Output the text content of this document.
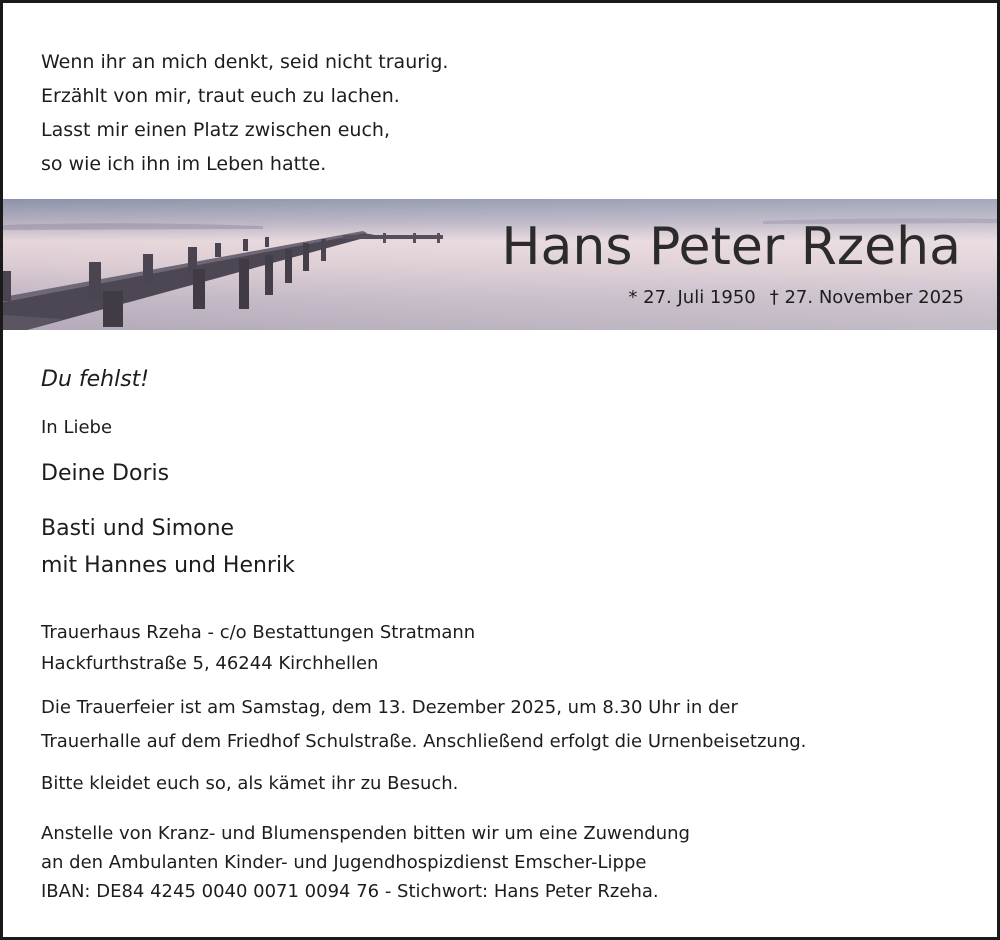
Wenn ihr an mich denkt, seid nicht traurig.
Erzählt von mir, traut euch zu lachen.
Lasst mir einen Platz zwischen euch,
so wie ich ihn im Leben hatte.
Hans Peter Rzeha
* 27. Juli 1950 † 27. November 2025
Du fehlst!
In Liebe
Deine Doris
Basti und Simone
mit Hannes und Henrik
Trauerhaus Rzeha - c/o Bestattungen Stratmann
Hackfurthstraße 5, 46244 Kirchhellen
Die Trauerfeier ist am Samstag, dem 13. Dezember 2025, um 8.30 Uhr in der
Trauerhalle auf dem Friedhof Schulstraße. Anschließend erfolgt die Urnenbeisetzung.
Bitte kleidet euch so, als kämet ihr zu Besuch.
Anstelle von Kranz- und Blumenspenden bitten wir um eine Zuwendung
an den Ambulanten Kinder- und Jugendhospizdienst Emscher-Lippe
IBAN: DE84 4245 0040 0071 0094 76 - Stichwort: Hans Peter Rzeha.
